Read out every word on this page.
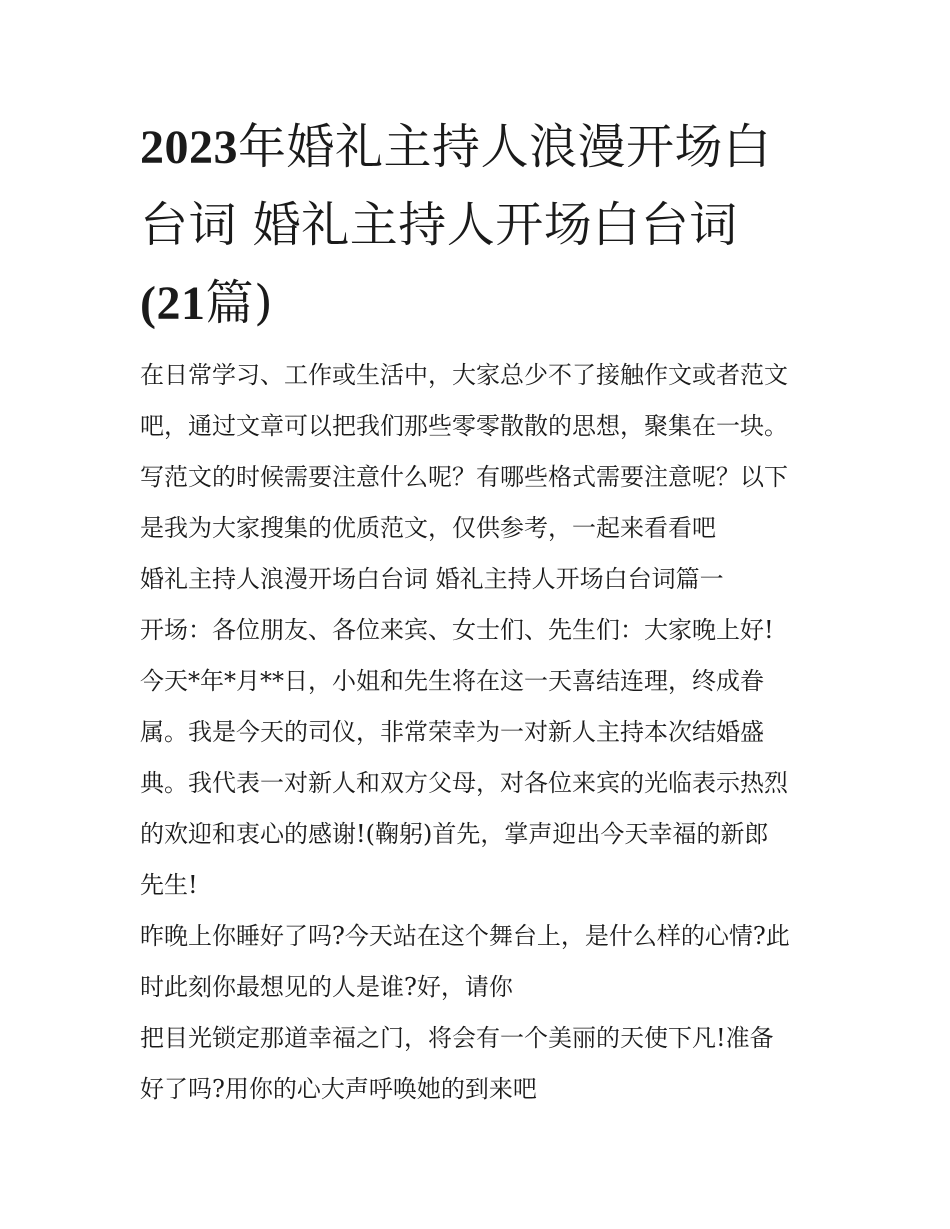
2023年婚礼主持人浪漫开场白
台词 婚礼主持人开场白台词
(21篇)

在日常学习、工作或生活中，大家总少不了接触作文或者范文
吧，通过文章可以把我们那些零零散散的思想，聚集在一块。
写范文的时候需要注意什么呢？有哪些格式需要注意呢？以下
是我为大家搜集的优质范文，仅供参考，一起来看看吧

婚礼主持人浪漫开场白台词 婚礼主持人开场白台词篇一

开场：各位朋友、各位来宾、女士们、先生们：大家晚上好!
今天*年*月**日，小姐和先生将在这一天喜结连理，终成眷
属。我是今天的司仪，非常荣幸为一对新人主持本次结婚盛
典。我代表一对新人和双方父母，对各位来宾的光临表示热烈
的欢迎和衷心的感谢!(鞠躬)首先，掌声迎出今天幸福的新郎
先生!

昨晚上你睡好了吗?今天站在这个舞台上，是什么样的心情?此
时此刻你最想见的人是谁?好，请你

把目光锁定那道幸福之门，将会有一个美丽的天使下凡!准备
好了吗?用你的心大声呼唤她的到来吧
